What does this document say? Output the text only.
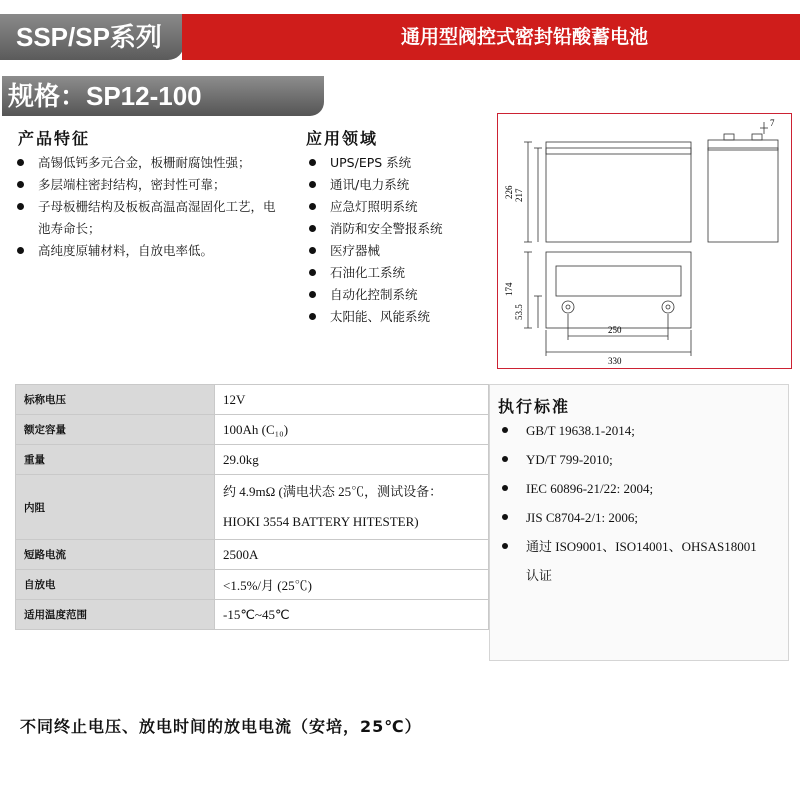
SSP/SP系列	通用型阀控式密封铅酸蓄电池
规格：SP12-100
产品特征
高锡低钙多元合金，板栅耐腐蚀性强；
多层端柱密封结构，密封性可靠；
子母板栅结构及板板高温高湿固化工艺，电池寿命长；
高纯度原辅材料，自放电率低。
应用领域
UPS/EPS 系统
通讯/电力系统
应急灯照明系统
消防和安全警报系统
医疗器械
石油化工系统
自动化控制系统
太阳能、风能系统
226 217
174
53.5
250
330
7
标称电压	12V
额定容量	100Ah (C₁₀)
重量	29.0kg
内阻	约 4.9mΩ (满电状态 25℃，测试设备：
HIOKI 3554 BATTERY HITESTER)

短路电流	2500A
自放电	<1.5%/月 (25℃)
适用温度范围	-15℃~45℃
执行标准
GB/T 19638.1-2014;
YD/T 799-2010;
IEC 60896-21/22: 2004;
JIS C8704-2/1: 2006;
通过 ISO9001、ISO14001、OHSAS18001
认证
不同终止电压、放电时间的放电电流（安培，25℃）
